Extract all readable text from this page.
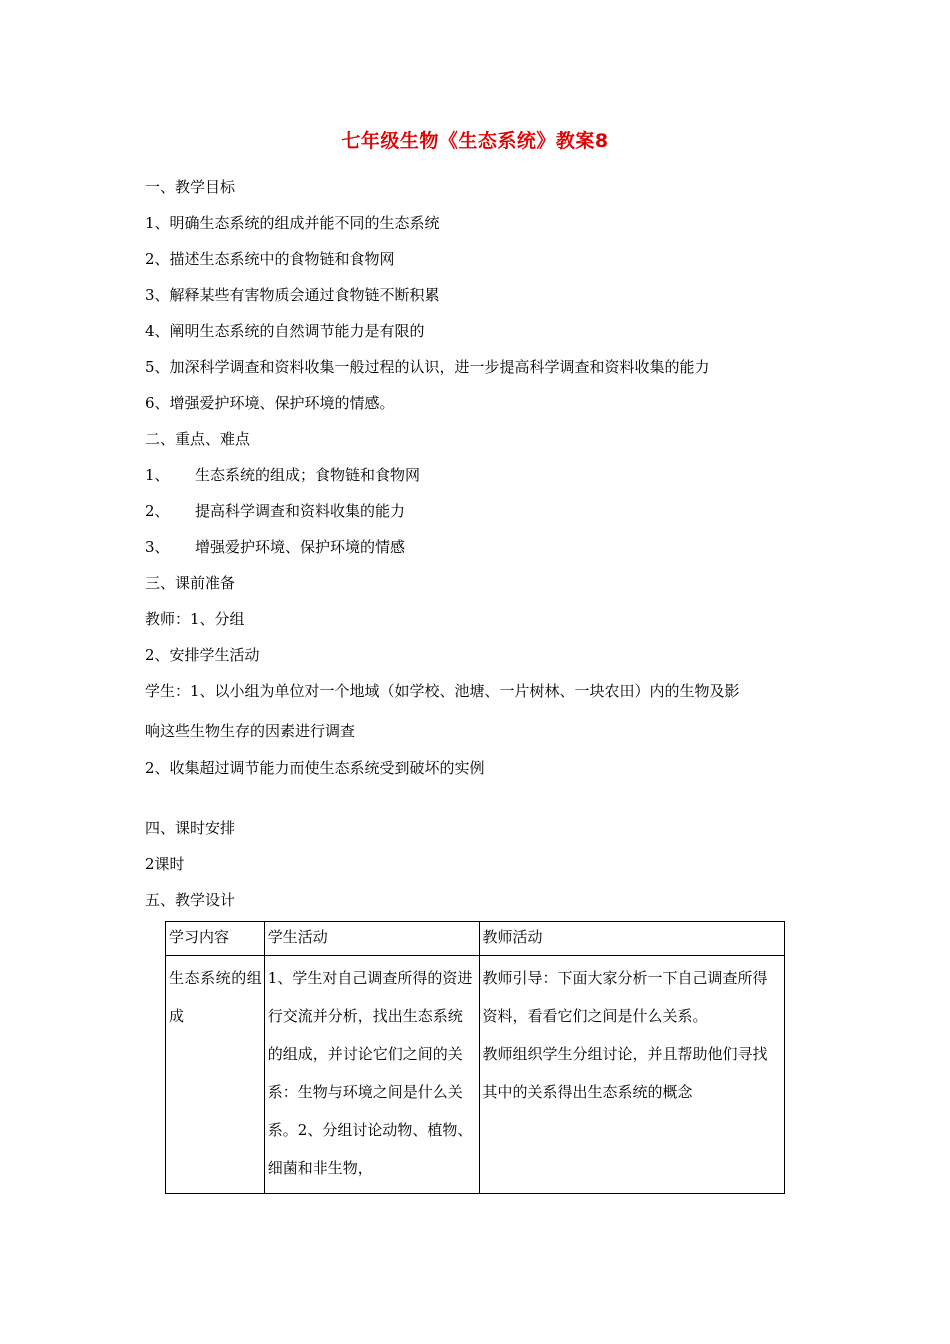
七年级生物《生态系统》教案8

一、教学目标

1、明确生态系统的组成并能不同的生态系统

2、描述生态系统中的食物链和食物网

3、解释某些有害物质会通过食物链不断积累

4、阐明生态系统的自然调节能力是有限的

5、加深科学调查和资料收集一般过程的认识，进一步提高科学调查和资料收集的能力

6、增强爱护环境、保护环境的情感。

二、重点、难点

1、 生态系统的组成；食物链和食物网

2、 提高科学调查和资料收集的能力

3、 增强爱护环境、保护环境的情感

三、课前准备

教师：1、分组

2、安排学生活动

学生：1、以小组为单位对一个地域（如学校、池塘、一片树林、一块农田）内的生物及影

响这些生物生存的因素进行调查

2、收集超过调节能力而使生态系统受到破坏的实例

四、课时安排

2课时

五、教学设计

学习内容	学生活动	教师活动

生态系统的组成	1、学生对自己调查所得的资进行交流并分析，找出生态系统的组成，并讨论它们之间的关系：生物与环境之间是什么关系。2、分组讨论动物、植物、细菌和非生物，	教师引导：下面大家分析一下自己调查所得资料，看看它们之间是什么关系。
教师组织学生分组讨论，并且帮助他们寻找其中的关系得出生态系统的概念
